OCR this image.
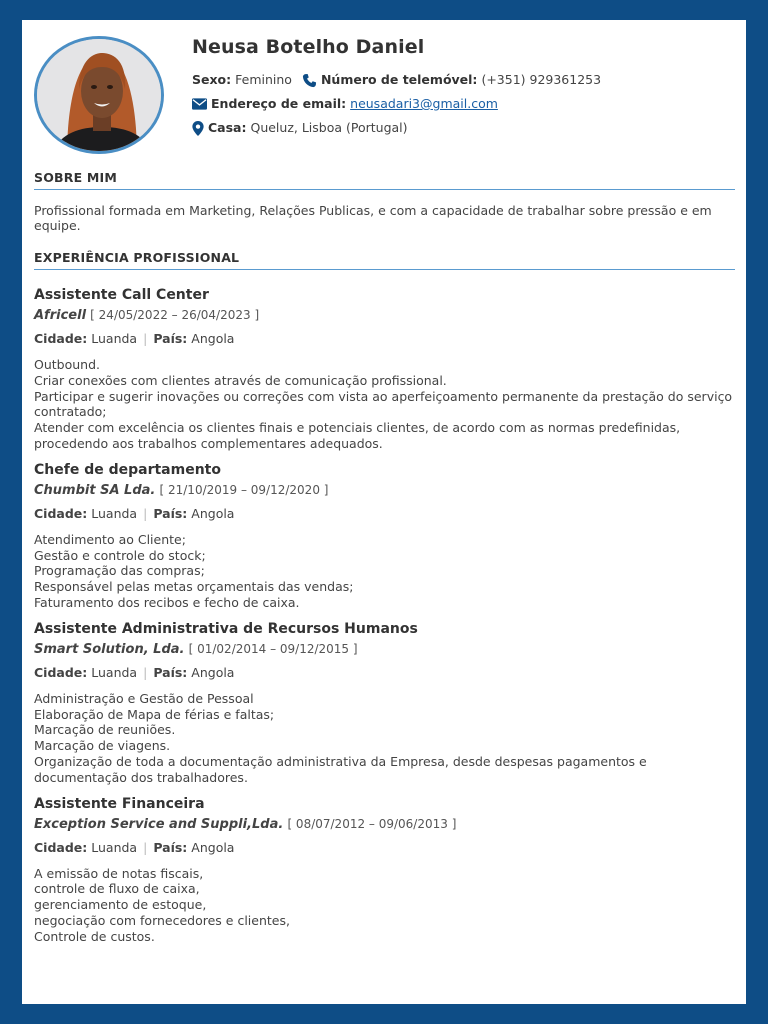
Neusa Botelho Daniel
Sexo: Feminino Número de telemóvel: (+351) 929361253
Endereço de email: neusadari3@gmail.com
Casa: Queluz, Lisboa (Portugal)
SOBRE MIM
Profissional formada em Marketing, Relações Publicas, e com a capacidade de trabalhar sobre pressão e em equipe.
EXPERIÊNCIA PROFISSIONAL
Assistente Call Center
Africell [ 24/05/2022 – 26/04/2023 ]
Cidade: Luanda | País: Angola
Outbound.
Criar conexões com clientes através de comunicação profissional.
Participar e sugerir inovações ou correções com vista ao aperfeiçoamento permanente da prestação do serviço contratado;
Atender com excelência os clientes finais e potenciais clientes, de acordo com as normas predefinidas, procedendo aos trabalhos complementares adequados.
Chefe de departamento
Chumbit SA Lda. [ 21/10/2019 – 09/12/2020 ]
Cidade: Luanda | País: Angola
Atendimento ao Cliente;
Gestão e controle do stock;
Programação das compras;
Responsável pelas metas orçamentais das vendas;
Faturamento dos recibos e fecho de caixa.
Assistente Administrativa de Recursos Humanos
Smart Solution, Lda. [ 01/02/2014 – 09/12/2015 ]
Cidade: Luanda | País: Angola
Administração e Gestão de Pessoal
Elaboração de Mapa de férias e faltas;
Marcação de reuniões.
Marcação de viagens.
Organização de toda a documentação administrativa da Empresa, desde despesas pagamentos e documentação dos trabalhadores.
Assistente Financeira
Exception Service and Suppli,Lda. [ 08/07/2012 – 09/06/2013 ]
Cidade: Luanda | País: Angola
A emissão de notas fiscais,
controle de fluxo de caixa,
gerenciamento de estoque,
negociação com fornecedores e clientes,
Controle de custos.
